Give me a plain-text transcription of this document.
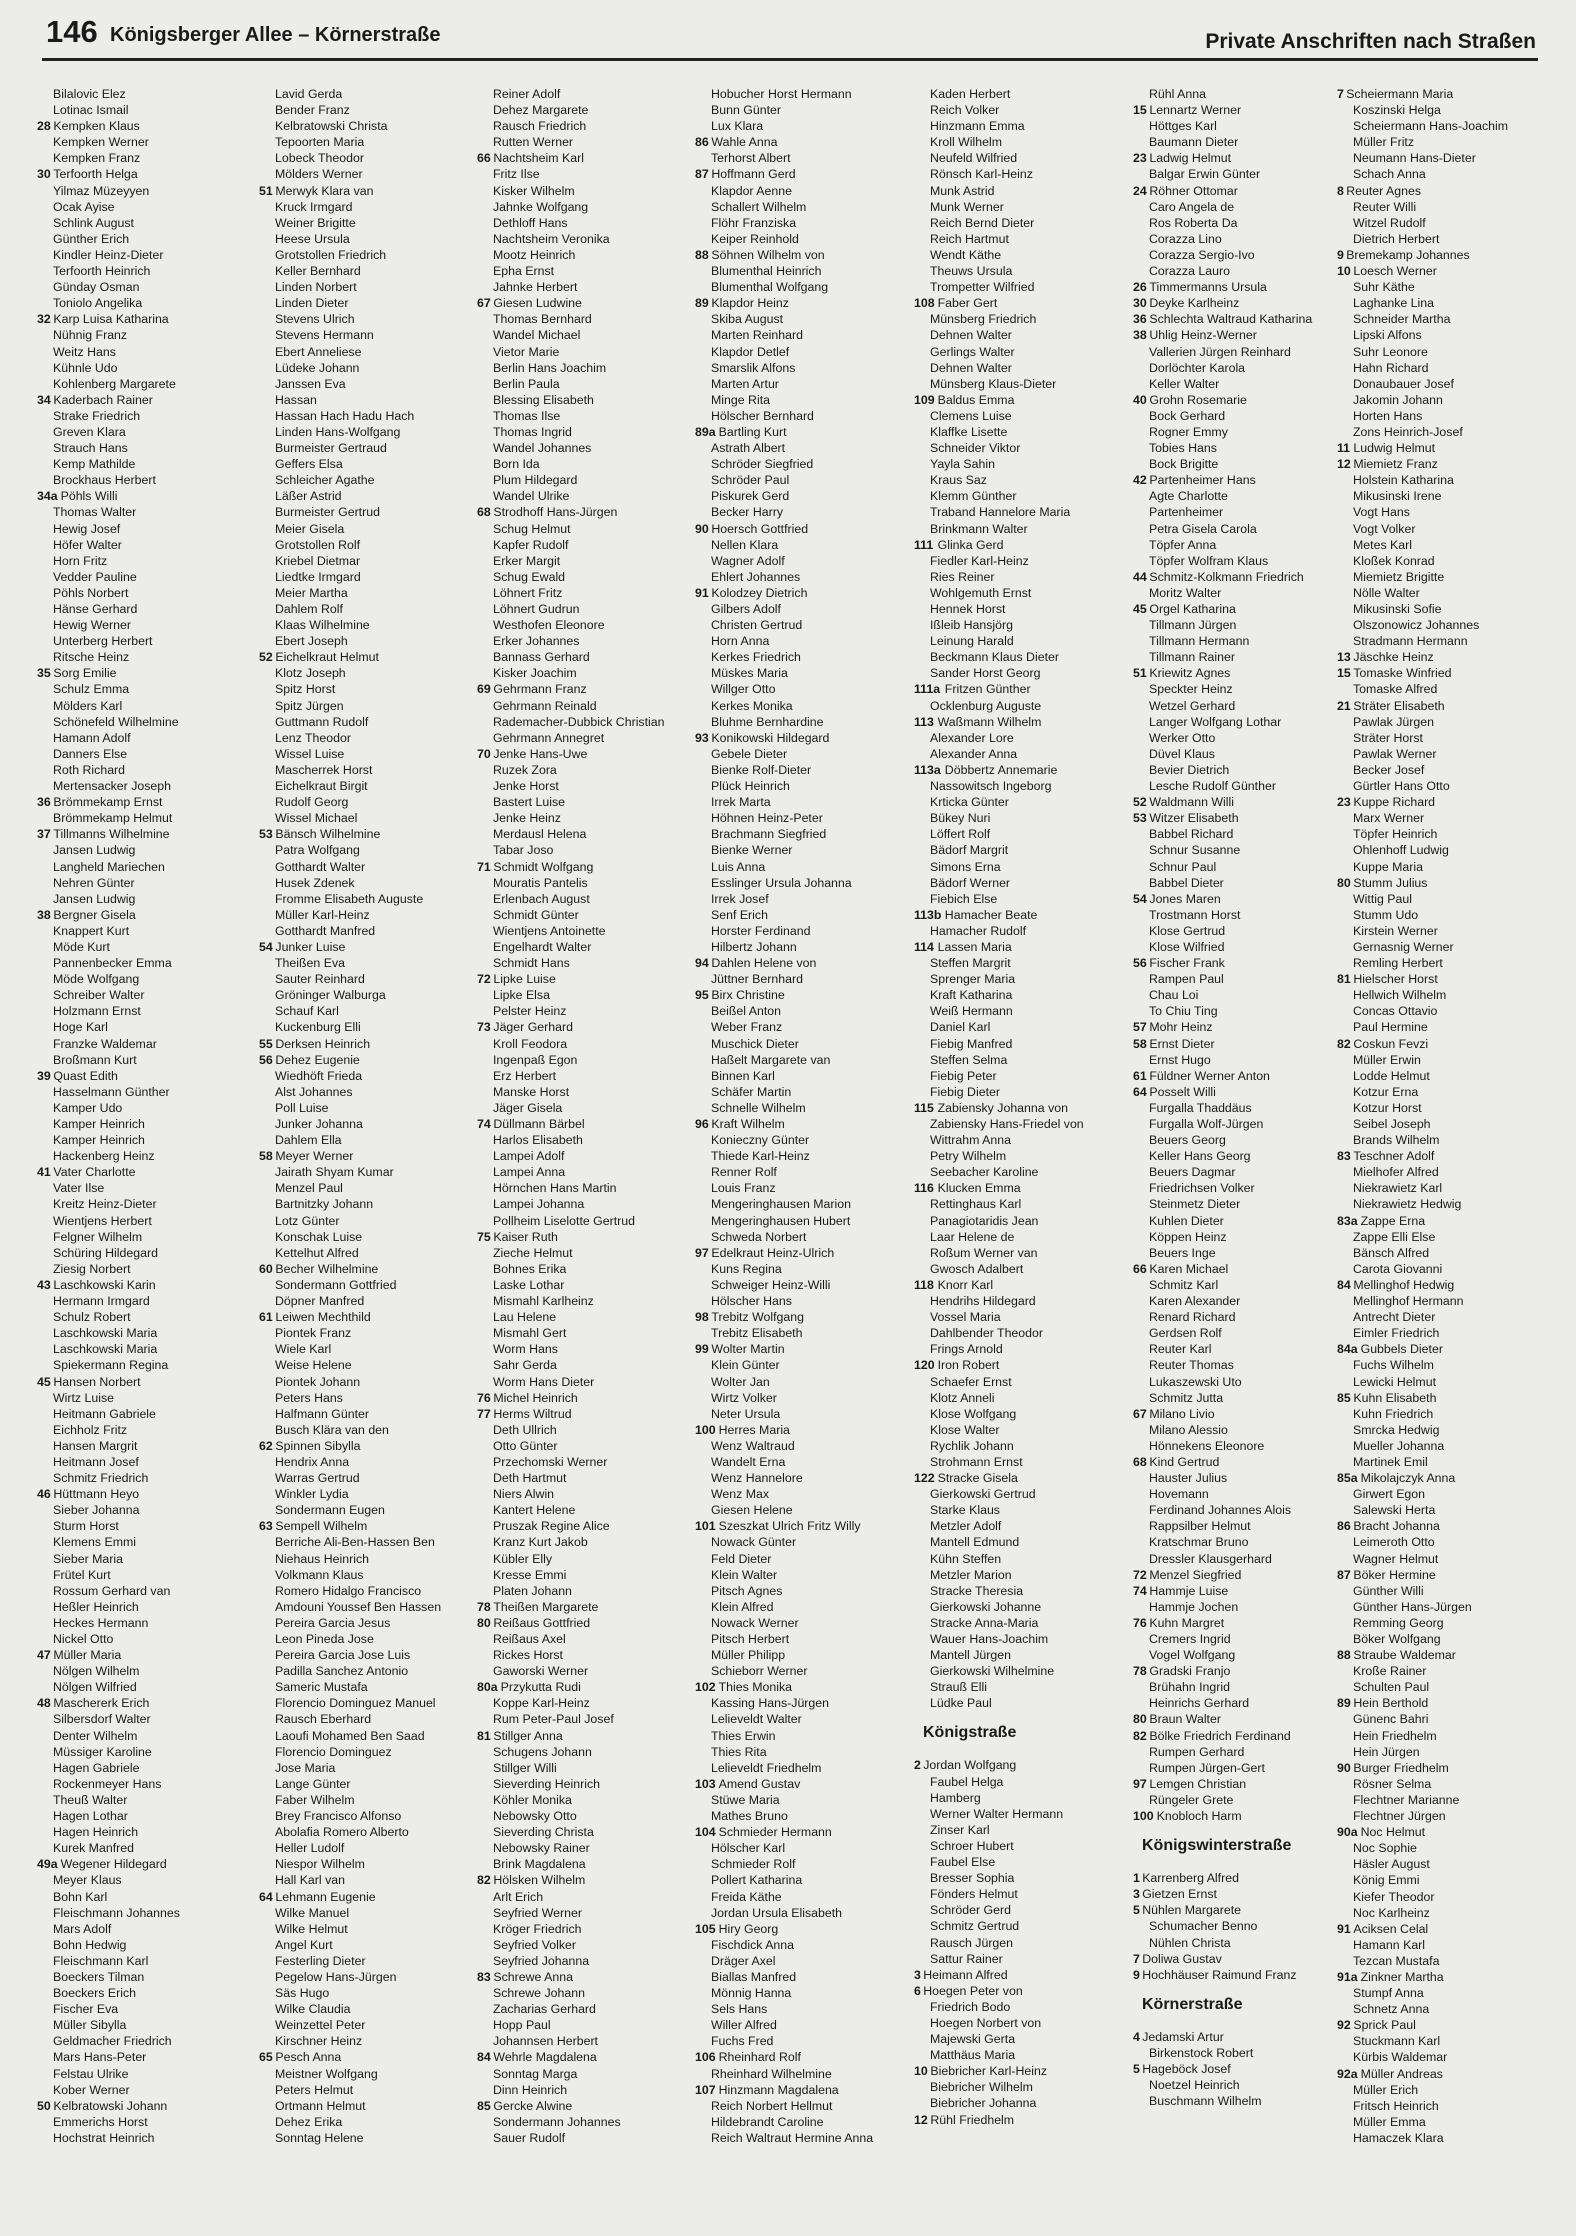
146 Königsberger Allee – Körnerstraße	Private Anschriften nach Straßen
Bilalovic Elez
Lotinac Ismail
28 Kempken Klaus
Kempken Werner
Kempken Franz
30 Terfoorth Helga
Yilmaz Müzeyyen
Ocak Ayise
Schlink August
Günther Erich
Kindler Heinz-Dieter
Terfoorth Heinrich
Günday Osman
Toniolo Angelika
32 Karp Luisa Katharina
Nühnig Franz
Weitz Hans
Kühnle Udo
Kohlenberg Margarete
34 Kaderbach Rainer
Strake Friedrich
Greven Klara
Strauch Hans
Kemp Mathilde
Brockhaus Herbert
34a Pöhls Willi
Thomas Walter
Hewig Josef
Höfer Walter
Horn Fritz
Vedder Pauline
Pöhls Norbert
Hänse Gerhard
Hewig Werner
Unterberg Herbert
Ritsche Heinz
35 Sorg Emilie
Schulz Emma
Mölders Karl
Schönefeld Wilhelmine
Hamann Adolf
Danners Else
Roth Richard
Mertensacker Joseph
36 Brömmekamp Ernst
Brömmekamp Helmut
37 Tillmanns Wilhelmine
Jansen Ludwig
Langheld Mariechen
Nehren Günter
Jansen Ludwig
38 Bergner Gisela
Knappert Kurt
Möde Kurt
Pannenbecker Emma
Möde Wolfgang
Schreiber Walter
Holzmann Ernst
Hoge Karl
Franzke Waldemar
Broßmann Kurt
39 Quast Edith
Hasselmann Günther
Kamper Udo
Kamper Heinrich
Kamper Heinrich
Hackenberg Heinz
41 Vater Charlotte
Vater Ilse
Kreitz Heinz-Dieter
Wientjens Herbert
Felgner Wilhelm
Schüring Hildegard
Ziesig Norbert
43 Laschkowski Karin
Hermann Irmgard
Schulz Robert
Laschkowski Maria
Laschkowski Maria
Spiekermann Regina
45 Hansen Norbert
Wirtz Luise
Heitmann Gabriele
Eichholz Fritz
Hansen Margrit
Heitmann Josef
Schmitz Friedrich
46 Hüttmann Heyo
Sieber Johanna
Sturm Horst
Klemens Emmi
Sieber Maria
Frütel Kurt
Rossum Gerhard van
Heßler Heinrich
Heckes Hermann
Nickel Otto
47 Müller Maria
Nölgen Wilhelm
Nölgen Wilfried
48 Maschererk Erich
Silbersdorf Walter
Denter Wilhelm
Müssiger Karoline
Hagen Gabriele
Rockenmeyer Hans
Theuß Walter
Hagen Lothar
Hagen Heinrich
Kurek Manfred
49a Wegener Hildegard
Meyer Klaus
Bohn Karl
Fleischmann Johannes
Mars Adolf
Bohn Hedwig
Fleischmann Karl
Boeckers Tilman
Boeckers Erich
Fischer Eva
Müller Sibylla
Geldmacher Friedrich
Mars Hans-Peter
Felstau Ulrike
Kober Werner
50 Kelbratowski Johann
Emmerichs Horst
Hochstrat Heinrich
Lavid Gerda
Bender Franz
Kelbratowski Christa
Tepoorten Maria
Lobeck Theodor
Mölders Werner
51 Merwyk Klara van
Kruck Irmgard
Weiner Brigitte
Heese Ursula
Grotstollen Friedrich
Keller Bernhard
Linden Norbert
Linden Dieter
Stevens Ulrich
Stevens Hermann
Ebert Anneliese
Lüdeke Johann
Janssen Eva
Hassan
Hassan Hach Hadu Hach
Linden Hans-Wolfgang
Burmeister Gertraud
Geffers Elsa
Schleicher Agathe
Läßer Astrid
Burmeister Gertrud
Meier Gisela
Grotstollen Rolf
Kriebel Dietmar
Liedtke Irmgard
Meier Martha
Dahlem Rolf
Klaas Wilhelmine
Ebert Joseph
52 Eichelkraut Helmut
Klotz Joseph
Spitz Horst
Spitz Jürgen
Guttmann Rudolf
Lenz Theodor
Wissel Luise
Mascherrek Horst
Eichelkraut Birgit
Rudolf Georg
Wissel Michael
53 Bänsch Wilhelmine
Patra Wolfgang
Gotthardt Walter
Husek Zdenek
Fromme Elisabeth Auguste
Müller Karl-Heinz
Gotthardt Manfred
54 Junker Luise
Theißen Eva
Sauter Reinhard
Gröninger Walburga
Schauf Karl
Kuckenburg Elli
55 Derksen Heinrich
56 Dehez Eugenie
Wiedhöft Frieda
Alst Johannes
Poll Luise
Junker Johanna
Dahlem Ella
58 Meyer Werner
Jairath Shyam Kumar
Menzel Paul
Bartnitzky Johann
Lotz Günter
Konschak Luise
Kettelhut Alfred
60 Becher Wilhelmine
Sondermann Gottfried
Döpner Manfred
61 Leiwen Mechthild
Piontek Franz
Wiele Karl
Weise Helene
Piontek Johann
Peters Hans
Halfmann Günter
Busch Klära van den
62 Spinnen Sibylla
Hendrix Anna
Warras Gertrud
Winkler Lydia
Sondermann Eugen
63 Sempell Wilhelm
Berriche Ali-Ben-Hassen Ben
Niehaus Heinrich
Volkmann Klaus
Romero Hidalgo Francisco
Amdouni Youssef Ben Hassen
Pereira Garcia Jesus
Leon Pineda Jose
Pereira Garcia Jose Luis
Padilla Sanchez Antonio
Sameric Mustafa
Florencio Dominguez Manuel
Rausch Eberhard
Laoufi Mohamed Ben Saad
Florencio Dominguez
Jose Maria
Lange Günter
Faber Wilhelm
Brey Francisco Alfonso
Abolafia Romero Alberto
Heller Ludolf
Niespor Wilhelm
Hall Karl van
64 Lehmann Eugenie
Wilke Manuel
Wilke Helmut
Angel Kurt
Festerling Dieter
Pegelow Hans-Jürgen
Säs Hugo
Wilke Claudia
Weinzettel Peter
Kirschner Heinz
65 Pesch Anna
Meistner Wolfgang
Peters Helmut
Ortmann Helmut
Dehez Erika
Sonntag Helene
Reiner Adolf
Dehez Margarete
Rausch Friedrich
Rutten Werner
66 Nachtsheim Karl
Fritz Ilse
Kisker Wilhelm
Jahnke Wolfgang
Dethloff Hans
Nachtsheim Veronika
Mootz Heinrich
Epha Ernst
Jahnke Herbert
67 Giesen Ludwine
Thomas Bernhard
Wandel Michael
Vietor Marie
Berlin Hans Joachim
Berlin Paula
Blessing Elisabeth
Thomas Ilse
Thomas Ingrid
Wandel Johannes
Born Ida
Plum Hildegard
Wandel Ulrike
68 Strodhoff Hans-Jürgen
Schug Helmut
Kapfer Rudolf
Erker Margit
Schug Ewald
Löhnert Fritz
Löhnert Gudrun
Westhofen Eleonore
Erker Johannes
Bannass Gerhard
Kisker Joachim
69 Gehrmann Franz
Gehrmann Reinald
Rademacher-Dubbick Christian
Gehrmann Annegret
70 Jenke Hans-Uwe
Ruzek Zora
Jenke Horst
Bastert Luise
Jenke Heinz
Merdausl Helena
Tabar Joso
71 Schmidt Wolfgang
Mouratis Pantelis
Erlenbach August
Schmidt Günter
Wientjens Antoinette
Engelhardt Walter
Schmidt Hans
72 Lipke Luise
Lipke Elsa
Pelster Heinz
73 Jäger Gerhard
Kroll Feodora
Ingenpaß Egon
Erz Herbert
Manske Horst
Jäger Gisela
74 Düllmann Bärbel
Harlos Elisabeth
Lampei Adolf
Lampei Anna
Hörnchen Hans Martin
Lampei Johanna
Pollheim Liselotte Gertrud
75 Kaiser Ruth
Zieche Helmut
Bohnes Erika
Laske Lothar
Mismahl Karlheinz
Lau Helene
Mismahl Gert
Worm Hans
Sahr Gerda
Worm Hans Dieter
76 Michel Heinrich
77 Herms Wiltrud
Deth Ullrich
Otto Günter
Przechomski Werner
Deth Hartmut
Niers Alwin
Kantert Helene
Pruszak Regine Alice
Kranz Kurt Jakob
Kübler Elly
Kresse Emmi
Platen Johann
78 Theißen Margarete
80 Reißaus Gottfried
Reißaus Axel
Rickes Horst
Gaworski Werner
80a Przykutta Rudi
Koppe Karl-Heinz
Rum Peter-Paul Josef
81 Stillger Anna
Schugens Johann
Stillger Willi
Sieverding Heinrich
Köhler Monika
Nebowsky Otto
Sieverding Christa
Nebowsky Rainer
Brink Magdalena
82 Hölsken Wilhelm
Arlt Erich
Seyfried Werner
Kröger Friedrich
Seyfried Volker
Seyfried Johanna
83 Schrewe Anna
Schrewe Johann
Zacharias Gerhard
Hopp Paul
Johannsen Herbert
84 Wehrle Magdalena
Sonntag Marga
Dinn Heinrich
85 Gercke Alwine
Sondermann Johannes
Sauer Rudolf
Hobucher Horst Hermann
Bunn Günter
Lux Klara
86 Wahle Anna
Terhorst Albert
87 Hoffmann Gerd
Klapdor Aenne
Schallert Wilhelm
Flöhr Franziska
Keiper Reinhold
88 Söhnen Wilhelm von
Blumenthal Heinrich
Blumenthal Wolfgang
89 Klapdor Heinz
Skiba August
Marten Reinhard
Klapdor Detlef
Smarslik Alfons
Marten Artur
Minge Rita
Hölscher Bernhard
89a Bartling Kurt
Astrath Albert
Schröder Siegfried
Schröder Paul
Piskurek Gerd
Becker Harry
90 Hoersch Gottfried
Nellen Klara
Wagner Adolf
Ehlert Johannes
91 Kolodzey Dietrich
Gilbers Adolf
Christen Gertrud
Horn Anna
Kerkes Friedrich
Müskes Maria
Willger Otto
Kerkes Monika
Bluhme Bernhardine
93 Konikowski Hildegard
Gebele Dieter
Bienke Rolf-Dieter
Plück Heinrich
Irrek Marta
Höhnen Heinz-Peter
Brachmann Siegfried
Bienke Werner
Luis Anna
Esslinger Ursula Johanna
Irrek Josef
Senf Erich
Horster Ferdinand
Hilbertz Johann
94 Dahlen Helene von
Jüttner Bernhard
95 Birx Christine
Beißel Anton
Weber Franz
Muschick Dieter
Haßelt Margarete van
Binnen Karl
Schäfer Martin
Schnelle Wilhelm
96 Kraft Wilhelm
Konieczny Günter
Thiede Karl-Heinz
Renner Rolf
Louis Franz
Mengeringhausen Marion
Mengeringhausen Hubert
Schweda Norbert
97 Edelkraut Heinz-Ulrich
Kuns Regina
Schweiger Heinz-Willi
Hölscher Hans
98 Trebitz Wolfgang
Trebitz Elisabeth
99 Wolter Martin
Klein Günter
Wolter Jan
Wirtz Volker
Neter Ursula
100 Herres Maria
Wenz Waltraud
Wandelt Erna
Wenz Hannelore
Wenz Max
Giesen Helene
101 Szeszkat Ulrich Fritz Willy
Nowack Günter
Feld Dieter
Klein Walter
Pitsch Agnes
Klein Alfred
Nowack Werner
Pitsch Herbert
Müller Philipp
Schieborr Werner
102 Thies Monika
Kassing Hans-Jürgen
Lelieveldt Walter
Thies Erwin
Thies Rita
Lelieveldt Friedhelm
103 Amend Gustav
Stüwe Maria
Mathes Bruno
104 Schmieder Hermann
Hölscher Karl
Schmieder Rolf
Pollert Katharina
Freida Käthe
Jordan Ursula Elisabeth
105 Hiry Georg
Fischdick Anna
Dräger Axel
Biallas Manfred
Mönnig Hanna
Sels Hans
Willer Alfred
Fuchs Fred
106 Rheinhard Rolf
Rheinhard Wilhelmine
107 Hinzmann Magdalena
Reich Norbert Hellmut
Hildebrandt Caroline
Reich Waltraut Hermine Anna
Kaden Herbert
Reich Volker
Hinzmann Emma
Kroll Wilhelm
Neufeld Wilfried
Rönsch Karl-Heinz
Munk Astrid
Munk Werner
Reich Bernd Dieter
Reich Hartmut
Wendt Käthe
Theuws Ursula
Trompetter Wilfried
108 Faber Gert
Münsberg Friedrich
Dehnen Walter
Gerlings Walter
Dehnen Walter
Münsberg Klaus-Dieter
109 Baldus Emma
Clemens Luise
Klaffke Lisette
Schneider Viktor
Yayla Sahin
Kraus Saz
Klemm Günther
Traband Hannelore Maria
Brinkmann Walter
111 Glinka Gerd
Fiedler Karl-Heinz
Ries Reiner
Wohlgemuth Ernst
Hennek Horst
Ißleib Hansjörg
Leinung Harald
Beckmann Klaus Dieter
Sander Horst Georg
111a Fritzen Günther
Ocklenburg Auguste
113 Waßmann Wilhelm
Alexander Lore
Alexander Anna
113a Döbbertz Annemarie
Nassowitsch Ingeborg
Krticka Günter
Bükey Nuri
Löffert Rolf
Bädorf Margrit
Simons Erna
Bädorf Werner
Fiebich Else
113b Hamacher Beate
Hamacher Rudolf
114 Lassen Maria
Steffen Margrit
Sprenger Maria
Kraft Katharina
Weiß Hermann
Daniel Karl
Fiebig Manfred
Steffen Selma
Fiebig Peter
Fiebig Dieter
115 Zabiensky Johanna von
Zabiensky Hans-Friedel von
Wittrahm Anna
Petry Wilhelm
Seebacher Karoline
116 Klucken Emma
Rettinghaus Karl
Panagiotaridis Jean
Laar Helene de
Roßum Werner van
Gwosch Adalbert
118 Knorr Karl
Hendrihs Hildegard
Vossel Maria
Dahlbender Theodor
Frings Arnold
120 Iron Robert
Schaefer Ernst
Klotz Anneli
Klose Wolfgang
Klose Walter
Rychlik Johann
Strohmann Ernst
122 Stracke Gisela
Gierkowski Gertrud
Starke Klaus
Metzler Adolf
Mantell Edmund
Kühn Steffen
Metzler Marion
Stracke Theresia
Gierkowski Johanne
Stracke Anna-Maria
Wauer Hans-Joachim
Mantell Jürgen
Gierkowski Wilhelmine
Strauß Elli
Lüdke Paul
Königstraße
2 Jordan Wolfgang
Faubel Helga
Hamberg
Werner Walter Hermann
Zinser Karl
Schroer Hubert
Faubel Else
Bresser Sophia
Fönders Helmut
Schröder Gerd
Schmitz Gertrud
Rausch Jürgen
Sattur Rainer
3 Heimann Alfred
6 Hoegen Peter von
Friedrich Bodo
Hoegen Norbert von
Majewski Gerta
Matthäus Maria
10 Biebricher Karl-Heinz
Biebricher Wilhelm
Biebricher Johanna
12 Rühl Friedhelm
Rühl Anna
15 Lennartz Werner
Höttges Karl
Baumann Dieter
23 Ladwig Helmut
Balgar Erwin Günter
24 Röhner Ottomar
Caro Angela de
Ros Roberta Da
Corazza Lino
Corazza Sergio-Ivo
Corazza Lauro
26 Timmermanns Ursula
30 Deyke Karlheinz
36 Schlechta Waltraud Katharina
38 Uhlig Heinz-Werner
Vallerien Jürgen Reinhard
Dorlöchter Karola
Keller Walter
40 Grohn Rosemarie
Bock Gerhard
Rogner Emmy
Tobies Hans
Bock Brigitte
42 Partenheimer Hans
Agte Charlotte
Partenheimer
Petra Gisela Carola
Töpfer Anna
Töpfer Wolfram Klaus
44 Schmitz-Kolkmann Friedrich
Moritz Walter
45 Orgel Katharina
Tillmann Jürgen
Tillmann Hermann
Tillmann Rainer
51 Kriewitz Agnes
Speckter Heinz
Wetzel Gerhard
Langer Wolfgang Lothar
Werker Otto
Düvel Klaus
Bevier Dietrich
Lesche Rudolf Günther
52 Waldmann Willi
53 Witzer Elisabeth
Babbel Richard
Schnur Susanne
Schnur Paul
Babbel Dieter
54 Jones Maren
Trostmann Horst
Klose Gertrud
Klose Wilfried
56 Fischer Frank
Rampen Paul
Chau Loi
To Chiu Ting
57 Mohr Heinz
58 Ernst Dieter
Ernst Hugo
61 Füldner Werner Anton
64 Posselt Willi
Furgalla Thaddäus
Furgalla Wolf-Jürgen
Beuers Georg
Keller Hans Georg
Beuers Dagmar
Friedrichsen Volker
Steinmetz Dieter
Kuhlen Dieter
Köppen Heinz
Beuers Inge
66 Karen Michael
Schmitz Karl
Karen Alexander
Renard Richard
Gerdsen Rolf
Reuter Karl
Reuter Thomas
Lukaszewski Uto
Schmitz Jutta
67 Milano Livio
Milano Alessio
Hönnekens Eleonore
68 Kind Gertrud
Hauster Julius
Hovemann
Ferdinand Johannes Alois
Rappsilber Helmut
Kratschmar Bruno
Dressler Klausgerhard
72 Menzel Siegfried
74 Hammje Luise
Hammje Jochen
76 Kuhn Margret
Cremers Ingrid
Vogel Wolfgang
78 Gradski Franjo
Brühahn Ingrid
Heinrichs Gerhard
80 Braun Walter
82 Bölke Friedrich Ferdinand
Rumpen Gerhard
Rumpen Jürgen-Gert
97 Lemgen Christian
Rüngeler Grete
100 Knobloch Harm
Königswinterstraße
1 Karrenberg Alfred
3 Gietzen Ernst
5 Nühlen Margarete
Schumacher Benno
Nühlen Christa
7 Doliwa Gustav
9 Hochhäuser Raimund Franz
Körnerstraße
4 Jedamski Artur
Birkenstock Robert
5 Hageböck Josef
Noetzel Heinrich
Buschmann Wilhelm
7 Scheiermann Maria
Koszinski Helga
Scheiermann Hans-Joachim
Müller Fritz
Neumann Hans-Dieter
Schach Anna
8 Reuter Agnes
Reuter Willi
Witzel Rudolf
Dietrich Herbert
9 Bremekamp Johannes
10 Loesch Werner
Suhr Käthe
Laghanke Lina
Schneider Martha
Lipski Alfons
Suhr Leonore
Hahn Richard
Donaubauer Josef
Jakomin Johann
Horten Hans
Zons Heinrich-Josef
11 Ludwig Helmut
12 Miemietz Franz
Holstein Katharina
Mikusinski Irene
Vogt Hans
Vogt Volker
Metes Karl
Kloßek Konrad
Miemietz Brigitte
Nölle Walter
Mikusinski Sofie
Olszonowicz Johannes
Stradmann Hermann
13 Jäschke Heinz
15 Tomaske Winfried
Tomaske Alfred
21 Sträter Elisabeth
Pawlak Jürgen
Sträter Horst
Pawlak Werner
Becker Josef
Gürtler Hans Otto
23 Kuppe Richard
Marx Werner
Töpfer Heinrich
Ohlenhoff Ludwig
Kuppe Maria
80 Stumm Julius
Wittig Paul
Stumm Udo
Kirstein Werner
Gernasnig Werner
Remling Herbert
81 Hielscher Horst
Hellwich Wilhelm
Concas Ottavio
Paul Hermine
82 Coskun Fevzi
Müller Erwin
Lodde Helmut
Kotzur Erna
Kotzur Horst
Seibel Joseph
Brands Wilhelm
83 Teschner Adolf
Mielhofer Alfred
Niekrawietz Karl
Niekrawietz Hedwig
83a Zappe Erna
Zappe Elli Else
Bänsch Alfred
Carota Giovanni
84 Mellinghof Hedwig
Mellinghof Hermann
Antrecht Dieter
Eimler Friedrich
84a Gubbels Dieter
Fuchs Wilhelm
Lewicki Helmut
85 Kuhn Elisabeth
Kuhn Friedrich
Smrcka Hedwig
Mueller Johanna
Martinek Emil
85a Mikolajczyk Anna
Girwert Egon
Salewski Herta
86 Bracht Johanna
Leimeroth Otto
Wagner Helmut
87 Böker Hermine
Günther Willi
Günther Hans-Jürgen
Remming Georg
Böker Wolfgang
88 Straube Waldemar
Kroße Rainer
Schulten Paul
89 Hein Berthold
Günenc Bahri
Hein Friedhelm
Hein Jürgen
90 Burger Friedhelm
Rösner Selma
Flechtner Marianne
Flechtner Jürgen
90a Noc Helmut
Noc Sophie
Häsler August
König Emmi
Kiefer Theodor
Noc Karlheinz
91 Aciksen Celal
Hamann Karl
Tezcan Mustafa
91a Zinkner Martha
Stumpf Anna
Schnetz Anna
92 Sprick Paul
Stuckmann Karl
Kürbis Waldemar
92a Müller Andreas
Müller Erich
Fritsch Heinrich
Müller Emma
Hamaczek Klara
